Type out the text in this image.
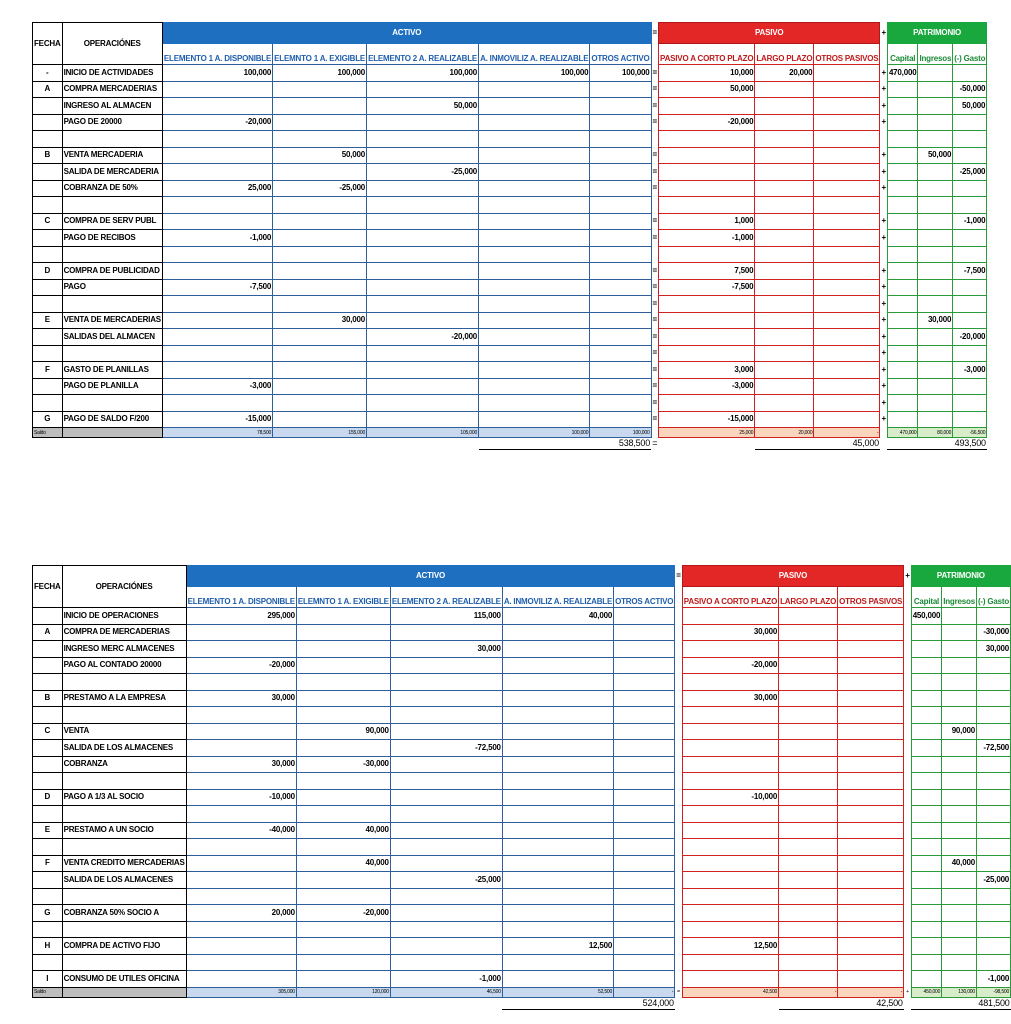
FECHA	OPERACIÓNES	ACTIVO					=	PASIVO			+	PATRIMONIO		
		ELEMENTO 1 A. DISPONIBLE	ELEMNTO 1 A. EXIGIBLE	ELEMENTO 2 A. REALIZABLE	A. INMOVILIZ A. REALIZABLE	OTROS ACTIVO		PASIVO A CORTO PLAZO	LARGO PLAZO	OTROS PASIVOS		Capital	Ingresos	(-) Gasto
-	INICIO DE ACTIVIDADES	100,000	100,000	100,000	100,000	100,000	=	10,000	20,000		+	470,000		
A	COMPRA MERCADERIAS						=	50,000			+			-50,000
	INGRESO AL ALMACEN			50,000			=				+			50,000
	PAGO DE 20000	-20,000					=	-20,000			+			

B	VENTA MERCADERIA		50,000				=				+		50,000	
	SALIDA DE MERCADERIA			-25,000			=				+			-25,000
	COBRANZA DE 50%	25,000	-25,000				=				+			

C	COMPRA DE SERV PUBL						=	1,000			+			-1,000
	PAGO DE RECIBOS	-1,000					=	-1,000			+			

D	COMPRA DE PUBLICIDAD						=	7,500			+			-7,500
	PAGO	-7,500					=	-7,500			+			
							=				+			
E	VENTA DE MERCADERIAS		30,000				=				+		30,000	
	SALIDAS DEL ALMACEN			-20,000			=				+			-20,000
							=				+			
F	GASTO DE PLANILLAS						=	3,000			+			-3,000
	PAGO DE PLANILLA	-3,000					=	-3,000			+			
							=				+			
G	PAGO DE SALDO F/200	-15,000					=	-15,000			+			
Saldo		78,500	155,000	105,000	100,000	100,000		25,000	20,000	-		470,000	80,000	-56,500
					538,500		=		45,000			493,500		
FECHA	OPERACIÓNES	ACTIVO					=	PASIVO			+	PATRIMONIO		
		ELEMENTO 1 A. DISPONIBLE	ELEMNTO 1 A. EXIGIBLE	ELEMENTO 2 A. REALIZABLE	A. INMOVILIZ A. REALIZABLE	OTROS ACTIVO		PASIVO A CORTO PLAZO	LARGO PLAZO	OTROS PASIVOS		Capital	Ingresos	(-) Gasto
	INICIO DE OPERACIONES	295,000		115,000	40,000							450,000		
A	COMPRA DE MERCADERIAS							30,000						-30,000
	INGRESO MERC ALMACENES			30,000										30,000
	PAGO AL CONTADO 20000	-20,000						-20,000						

B	PRESTAMO A LA EMPRESA	30,000						30,000						

C	VENTA		90,000										90,000	
	SALIDA DE LOS ALMACENES			-72,500										-72,500
	COBRANZA	30,000	-30,000											

D	PAGO A 1/3 AL SOCIO	-10,000						-10,000						

E	PRESTAMO A UN SOCIO	-40,000	40,000											

F	VENTA CREDITO MERCADERIAS		40,000										40,000	
	SALIDA DE LOS ALMACENES			-25,000										-25,000

G	COBRANZA 50% SOCIO A	20,000	-20,000											

H	COMPRA DE ACTIVO FIJO				12,500			12,500						

I	CONSUMO DE UTILES OFICINA			-1,000										-1,000
Saldo		305,000	120,000	46,500	52,500	-	=	42,500	-	-	+	450,000	130,000	-98,500
					524,000				42,500			481,500		
